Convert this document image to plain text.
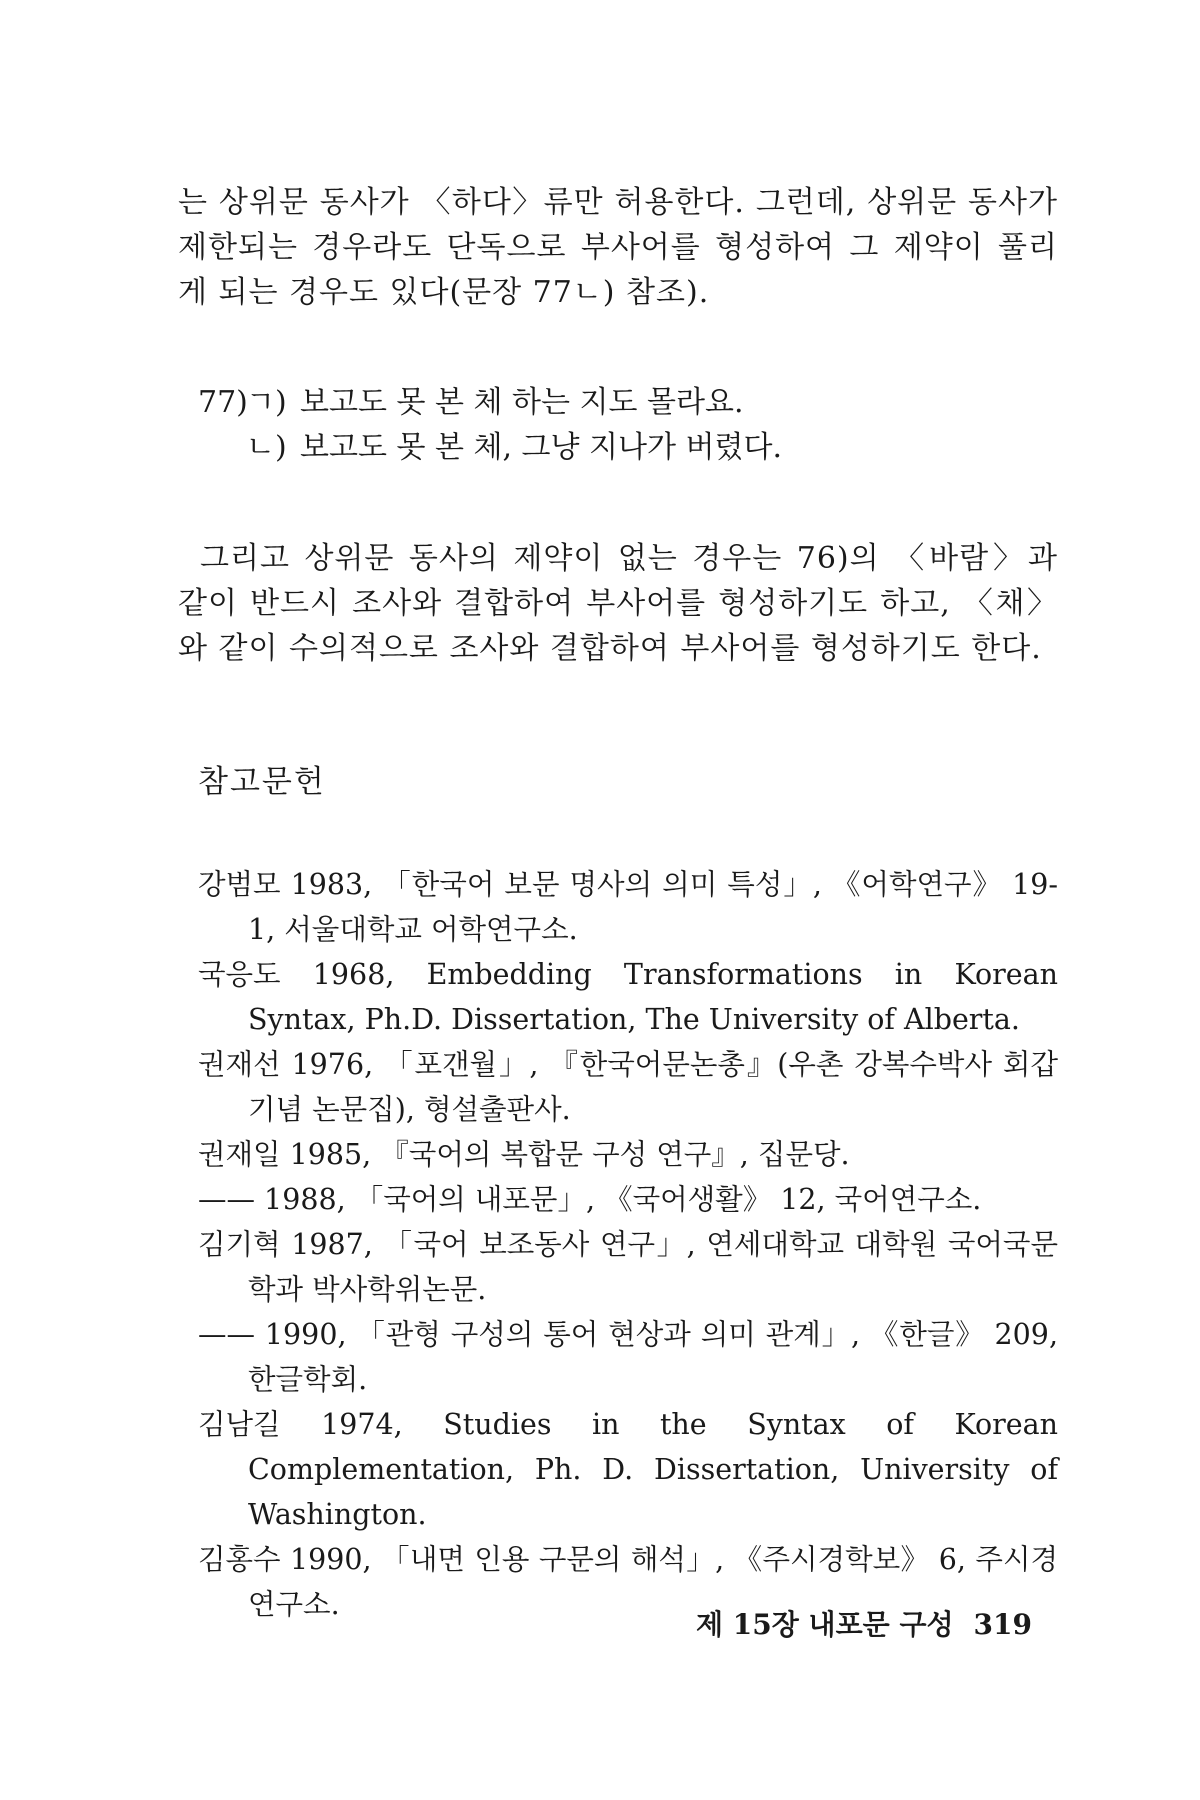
는 상위문 동사가 〈하다〉류만 허용한다. 그런데, 상위문 동사가 제한되는 경우라도 단독으로 부사어를 형성하여 그 제약이 풀리게 되는 경우도 있다(문장 77ㄴ) 참조).

77)
ㄱ) 보고도 못 본 체 하는 지도 몰라요.
ㄴ) 보고도 못 본 체, 그냥 지나가 버렸다.

그리고 상위문 동사의 제약이 없는 경우는 76)의 〈바람〉과 같이 반드시 조사와 결합하여 부사어를 형성하기도 하고, 〈채〉와 같이 수의적으로 조사와 결합하여 부사어를 형성하기도 한다.

참고문헌
강범모 1983, 「한국어 보문 명사의 의미 특성」, 《어학연구》 19-1, 서울대학교 어학연구소.
국응도 1968, Embedding Transformations in Korean Syntax, Ph.D. Dissertation, The University of Alberta.
권재선 1976, 「포갠월」, 『한국어문논총』(우촌 강복수박사 회갑기념 논문집), 형설출판사.
권재일 1985, 『국어의 복합문 구성 연구』, 집문당.
—— 1988, 「국어의 내포문」, 《국어생활》 12, 국어연구소.
김기혁 1987, 「국어 보조동사 연구」, 연세대학교 대학원 국어국문학과 박사학위논문.
—— 1990, 「관형 구성의 통어 현상과 의미 관계」, 《한글》 209, 한글학회.
김남길 1974, Studies in the Syntax of Korean Complementation, Ph. D. Dissertation, University of Washington.
김홍수 1990, 「내면 인용 구문의 해석」, 《주시경학보》 6, 주시경연구소.
제 15장 내포문 구성 319
